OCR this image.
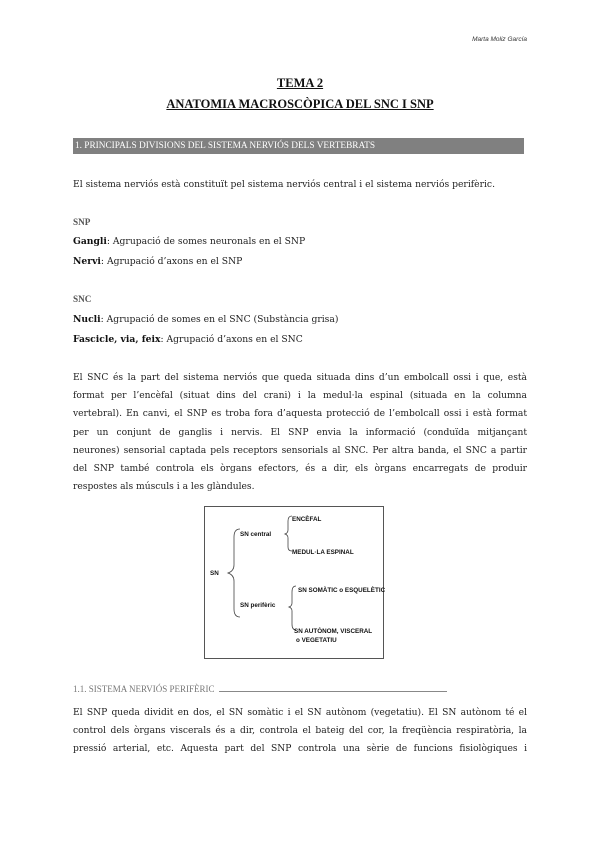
Marta Moliz García
TEMA 2
ANATOMIA MACROSCÒPICA DEL SNC I SNP
1. PRINCIPALS DIVISIONS DEL SISTEMA NERVIÓS DELS VERTEBRATS
El sistema nerviós està constituït pel sistema nerviós central i el sistema nerviós perifèric.
SNP
Gangli: Agrupació de somes neuronals en el SNP
Nervi: Agrupació d’axons en el SNP
SNC
Nucli: Agrupació de somes en el SNC (Substància grisa)
Fascicle, via, feix: Agrupació d’axons en el SNC
El SNC és la part del sistema nerviós que queda situada dins d’un embolcall ossi i que, està
format per l’encèfal (situat dins del crani) i la medul·la espinal (situada en la columna
vertebral). En canvi, el SNP es troba fora d’aquesta protecció de l’embolcall ossi i està format
per un conjunt de ganglis i nervis. El SNP envia la informació (conduïda mitjançant
neurones) sensorial captada pels receptors sensorials al SNC. Per altra banda, el SNC a partir
del SNP també controla els òrgans efectors, és a dir, els òrgans encarregats de produir
respostes als músculs i a les glàndules.
SN
SN central
ENCÈFAL
MEDUL·LA ESPINAL
SN perifèric
SN SOMÀTIC o ESQUELÈTIC
SN AUTÒNOM, VISCERAL
o VEGETATIU
1.1. SISTEMA NERVIÓS PERIFÈRIC
El SNP queda dividit en dos, el SN somàtic i el SN autònom (vegetatiu). El SN autònom té el
control dels òrgans viscerals és a dir, controla el bateig del cor, la freqüència respiratòria, la
pressió arterial, etc. Aquesta part del SNP controla una sèrie de funcions fisiològiques i
